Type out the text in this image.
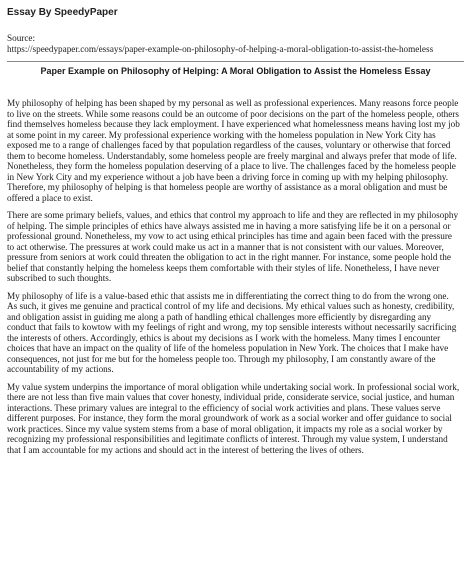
Essay By SpeedyPaper
Source:
https://speedypaper.com/essays/paper-example-on-philosophy-of-helping-a-moral-obligation-to-assist-the-homeless
Paper Example on Philosophy of Helping: A Moral Obligation to Assist the Homeless Essay

My philosophy of helping has been shaped by my personal as well as professional experiences. Many reasons force people to live on the streets. While some reasons could be an outcome of poor decisions on the part of the homeless people, others find themselves homeless because they lack employment. I have experienced what homelessness means having lost my job at some point in my career. My professional experience working with the homeless population in New York City has exposed me to a range of challenges faced by that population regardless of the causes, voluntary or otherwise that forced them to become homeless. Understandably, some homeless people are freely marginal and always prefer that mode of life. Nonetheless, they form the homeless population deserving of a place to live. The challenges faced by the homeless people in New York City and my experience without a job have been a driving force in coming up with my helping philosophy. Therefore, my philosophy of helping is that homeless people are worthy of assistance as a moral obligation and must be offered a place to exist.

There are some primary beliefs, values, and ethics that control my approach to life and they are reflected in my philosophy of helping. The simple principles of ethics have always assisted me in having a more satisfying life be it on a personal or professional ground. Nonetheless, my vow to act using ethical principles has time and again been faced with the pressure to act otherwise. The pressures at work could make us act in a manner that is not consistent with our values. Moreover, pressure from seniors at work could threaten the obligation to act in the right manner. For instance, some people hold the belief that constantly helping the homeless keeps them comfortable with their styles of life. Nonetheless, I have never subscribed to such thoughts.

My philosophy of life is a value-based ethic that assists me in differentiating the correct thing to do from the wrong one. As such, it gives me genuine and practical control of my life and decisions. My ethical values such as honesty, credibility, and obligation assist in guiding me along a path of handling ethical challenges more efficiently by disregarding any conduct that fails to kowtow with my feelings of right and wrong, my top sensible interests without necessarily sacrificing the interests of others. Accordingly, ethics is about my decisions as I work with the homeless. Many times I encounter choices that have an impact on the quality of life of the homeless population in New York. The choices that I make have consequences, not just for me but for the homeless people too. Through my philosophy, I am constantly aware of the accountability of my actions.

My value system underpins the importance of moral obligation while undertaking social work. In professional social work, there are not less than five main values that cover honesty, individual pride, considerate service, social justice, and human interactions. These primary values are integral to the efficiency of social work activities and plans. These values serve different purposes. For instance, they form the moral groundwork of work as a social worker and offer guidance to social work practices. Since my value system stems from a base of moral obligation, it impacts my role as a social worker by recognizing my professional responsibilities and legitimate conflicts of interest. Through my value system, I understand that I am accountable for my actions and should act in the interest of bettering the lives of others.
